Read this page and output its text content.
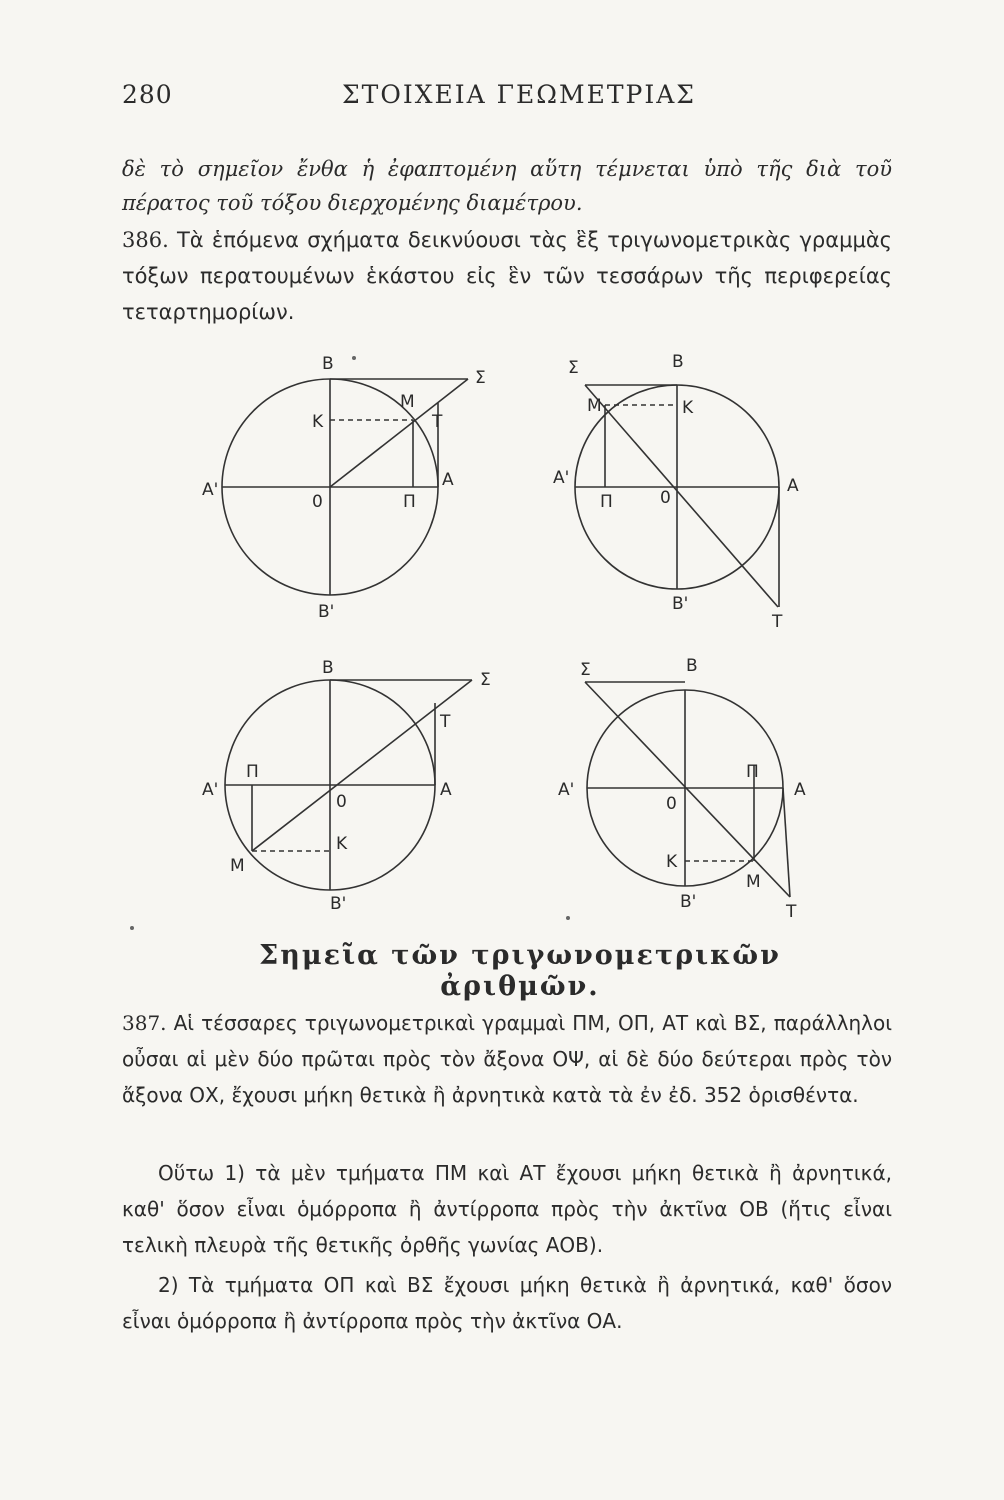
280	ΣΤΟΙΧΕΙΑ ΓΕΩΜΕΤΡΙΑΣ
δὲ τὸ σημεῖον ἔνθα ἡ ἐφαπτομένη αὕτη τέμνεται ὑπὸ τῆς διὰ τοῦ πέρατος τοῦ τόξου διερχομένης διαμέτρου.
386. Τὰ ἑπόμενα σχήματα δεικνύουσι τὰς ἓξ τριγωνομετρικὰς γραμμὰς τόξων περατουμένων ἑκάστου εἰς ἓν τῶν τεσσάρων τῆς περιφερείας τεταρτημορίων.
B
Σ
M
K	T
A'
0	Π
A
B'
Σ	B
M	K
A'
Π	0
A
B'
T
B
Σ
T
A'
Π
0
A
K
M
B'
Σ	B
A'
Π
0
A
K
M
B'	T
Σημεῖα τῶν τριγωνομετρικῶν ἀριθμῶν.
387. Αἱ τέσσαρες τριγωνομετρικαὶ γραμμαὶ ΠΜ, ΟΠ, ΑΤ καὶ ΒΣ, παράλληλοι οὖσαι αἱ μὲν δύο πρῶται πρὸς τὸν ἄξονα ΟΨ, αἱ δὲ δύο δεύτεραι πρὸς τὸν ἄξονα ΟΧ, ἔχουσι μήκη θετικὰ ἢ ἀρνητικὰ κατὰ τὰ ἐν ἐδ. 352 ὁρισθέντα.
Οὕτω 1) τὰ μὲν τμήματα ΠΜ καὶ ΑΤ ἔχουσι μήκη θετικὰ ἢ ἀρνητικά, καθ' ὅσον εἶναι ὁμόρροπα ἢ ἀντίρροπα πρὸς τὴν ἀκτῖνα ΟΒ (ἥτις εἶναι τελικὴ πλευρὰ τῆς θετικῆς ὀρθῆς γωνίας ΑΟΒ).
2) Τὰ τμήματα ΟΠ καὶ ΒΣ ἔχουσι μήκη θετικὰ ἢ ἀρνητικά, καθ' ὅσον εἶναι ὁμόρροπα ἢ ἀντίρροπα πρὸς τὴν ἀκτῖνα ΟΑ.
